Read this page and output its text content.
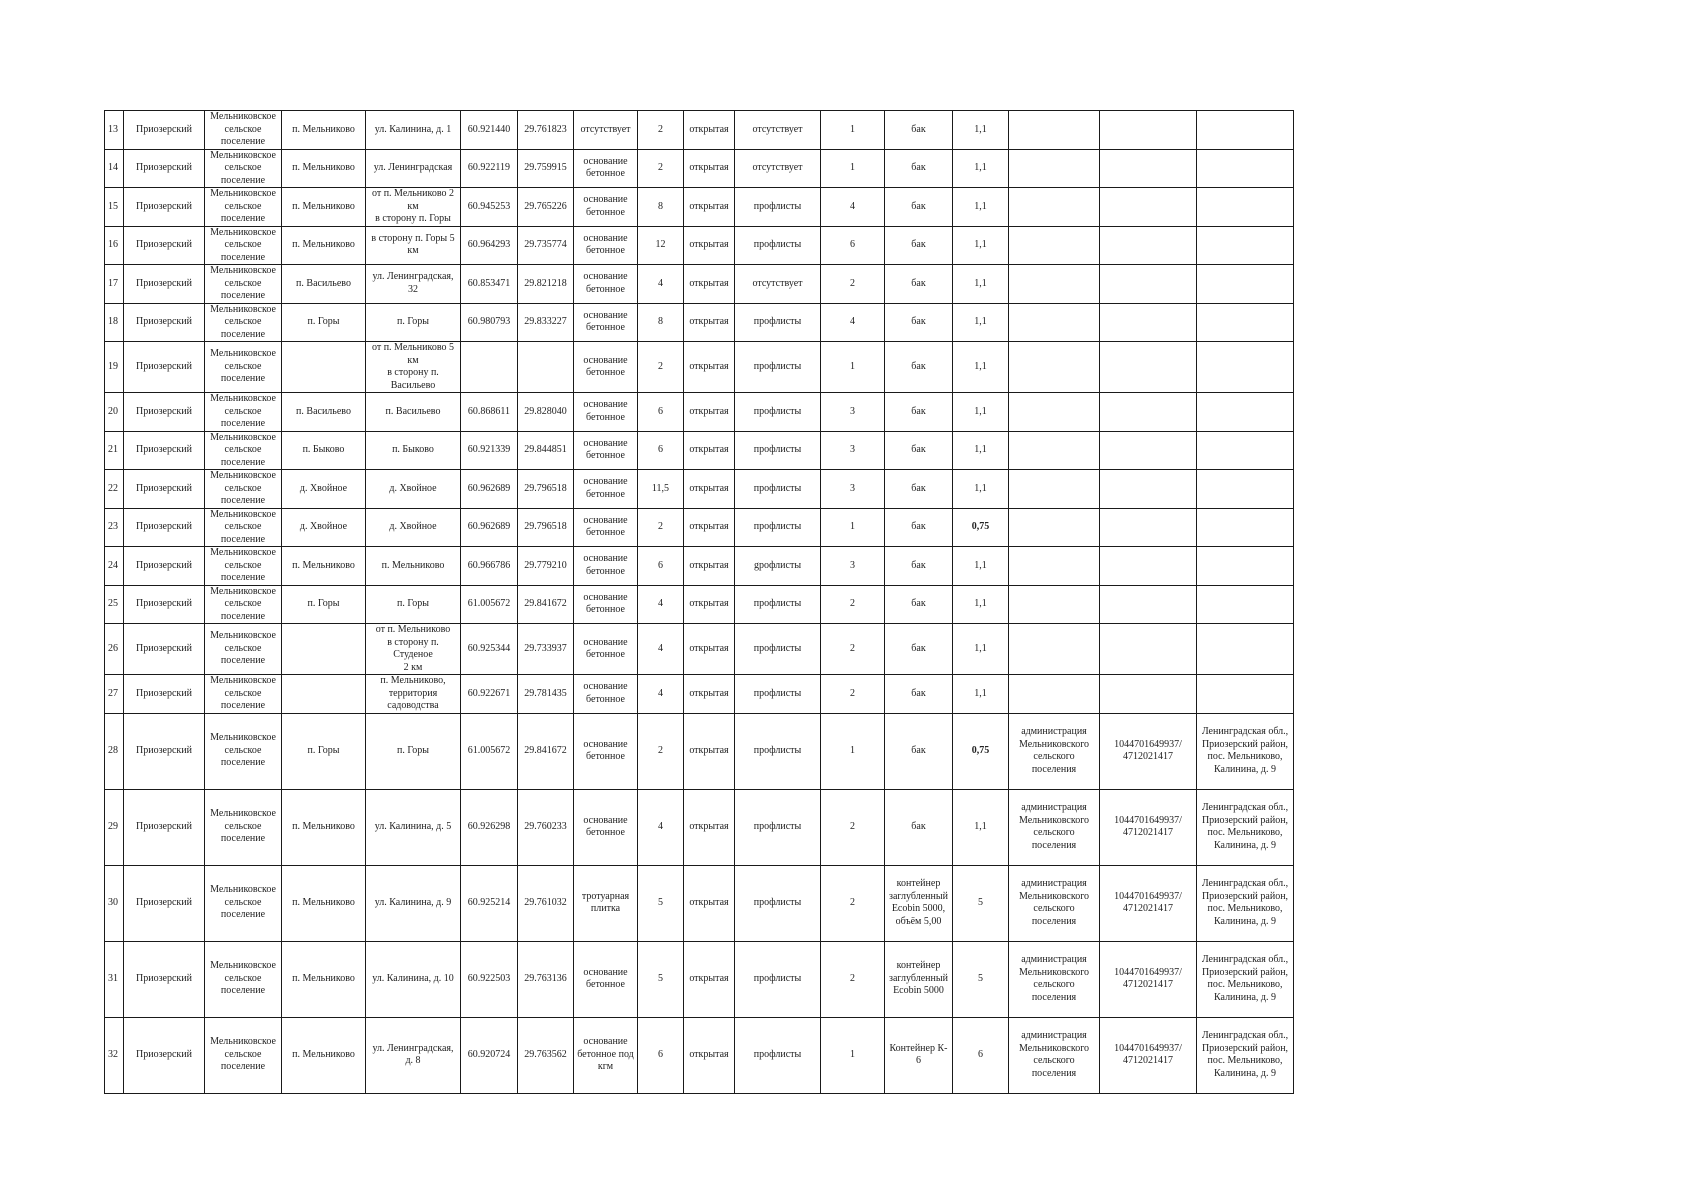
13	Приозерский	Мельниковское
сельское
поселение	п. Мельниково	ул. Калинина, д. 1	60.921440	29.761823	отсутствует	2	открытая	отсутствует	1	бак	1,1			
14	Приозерский	Мельниковское
сельское
поселение	п. Мельниково	ул. Ленинградская	60.922119	29.759915	основание
бетонное	2	открытая	отсутствует	1	бак	1,1			
15	Приозерский	Мельниковское
сельское
поселение	п. Мельниково	от п. Мельниково 2
км
в сторону п. Горы	60.945253	29.765226	основание
бетонное	8	открытая	профлисты	4	бак	1,1			
16	Приозерский	Мельниковское
сельское
поселение	п. Мельниково	в сторону п. Горы 5
км	60.964293	29.735774	основание
бетонное	12	открытая	профлисты	6	бак	1,1			
17	Приозерский	Мельниковское
сельское
поселение	п. Васильево	ул. Ленинградская,
32	60.853471	29.821218	основание
бетонное	4	открытая	отсутствует	2	бак	1,1			
18	Приозерский	Мельниковское
сельское
поселение	п. Горы	п. Горы	60.980793	29.833227	основание
бетонное	8	открытая	профлисты	4	бак	1,1			
19	Приозерский	Мельниковское
сельское
поселение		от п. Мельниково 5
км
в сторону п.
Васильево			основание
бетонное	2	открытая	профлисты	1	бак	1,1			
20	Приозерский	Мельниковское
сельское
поселение	п. Васильево	п. Васильево	60.868611	29.828040	основание
бетонное	6	открытая	профлисты	3	бак	1,1			
21	Приозерский	Мельниковское
сельское
поселение	п. Быково	п. Быково	60.921339	29.844851	основание
бетонное	6	открытая	профлисты	3	бак	1,1			
22	Приозерский	Мельниковское
сельское
поселение	д. Хвойное	д. Хвойное	60.962689	29.796518	основание
бетонное	11,5	открытая	профлисты	3	бак	1,1			
23	Приозерский	Мельниковское
сельское
поселение	д. Хвойное	д. Хвойное	60.962689	29.796518	основание
бетонное	2	открытая	профлисты	1	бак	0,75			
24	Приозерский	Мельниковское
сельское
поселение	п. Мельниково	п. Мельниково	60.966786	29.779210	основание
бетонное	6	открытая	gрофлисты	3	бак	1,1			
25	Приозерский	Мельниковское
сельское
поселение	п. Горы	п. Горы	61.005672	29.841672	основание
бетонное	4	открытая	профлисты	2	бак	1,1			
26	Приозерский	Мельниковское
сельское
поселение		от п. Мельниково
в сторону п.
Студеное
2 км	60.925344	29.733937	основание
бетонное	4	открытая	профлисты	2	бак	1,1			
27	Приозерский	Мельниковское
сельское
поселение		п. Мельниково,
территория
садоводства	60.922671	29.781435	основание
бетонное	4	открытая	профлисты	2	бак	1,1			
28	Приозерский	Мельниковское
сельское
поселение	п. Горы	п. Горы	61.005672	29.841672	основание
бетонное	2	открытая	профлисты	1	бак	0,75	администрация
Мельниковского
сельского
поселения	1044701649937/
4712021417	Ленинградская обл.,
Приозерский район,
пос. Мельниково,
Калинина, д. 9
29	Приозерский	Мельниковское
сельское
поселение	п. Мельниково	ул. Калинина, д. 5	60.926298	29.760233	основание
бетонное	4	открытая	профлисты	2	бак	1,1	администрация
Мельниковского
сельского
поселения	1044701649937/
4712021417	Ленинградская обл.,
Приозерский район,
пос. Мельниково,
Калинина, д. 9
30	Приозерский	Мельниковское
сельское
поселение	п. Мельниково	ул. Калинина, д. 9	60.925214	29.761032	тротуарная
плитка	5	открытая	профлисты	2	контейнер
заглубленный
Ecobin 5000,
объём 5,00	5	администрация
Мельниковского
сельского
поселения	1044701649937/
4712021417	Ленинградская обл.,
Приозерский район,
пос. Мельниково,
Калинина, д. 9
31	Приозерский	Мельниковское
сельское
поселение	п. Мельниково	ул. Калинина, д. 10	60.922503	29.763136	основание
бетонное	5	открытая	профлисты	2	контейнер
заглубленный
Ecobin 5000	5	администрация
Мельниковского
сельского
поселения	1044701649937/
4712021417	Ленинградская обл.,
Приозерский район,
пос. Мельниково,
Калинина, д. 9
32	Приозерский	Мельниковское
сельское
поселение	п. Мельниково	ул. Ленинградская,
д. 8	60.920724	29.763562	основание
бетонное под
кгм	6	открытая	профлисты	1	Контейнер К-
6	6	администрация
Мельниковского
сельского
поселения	1044701649937/
4712021417	Ленинградская обл.,
Приозерский район,
пос. Мельниково,
Калинина, д. 9
